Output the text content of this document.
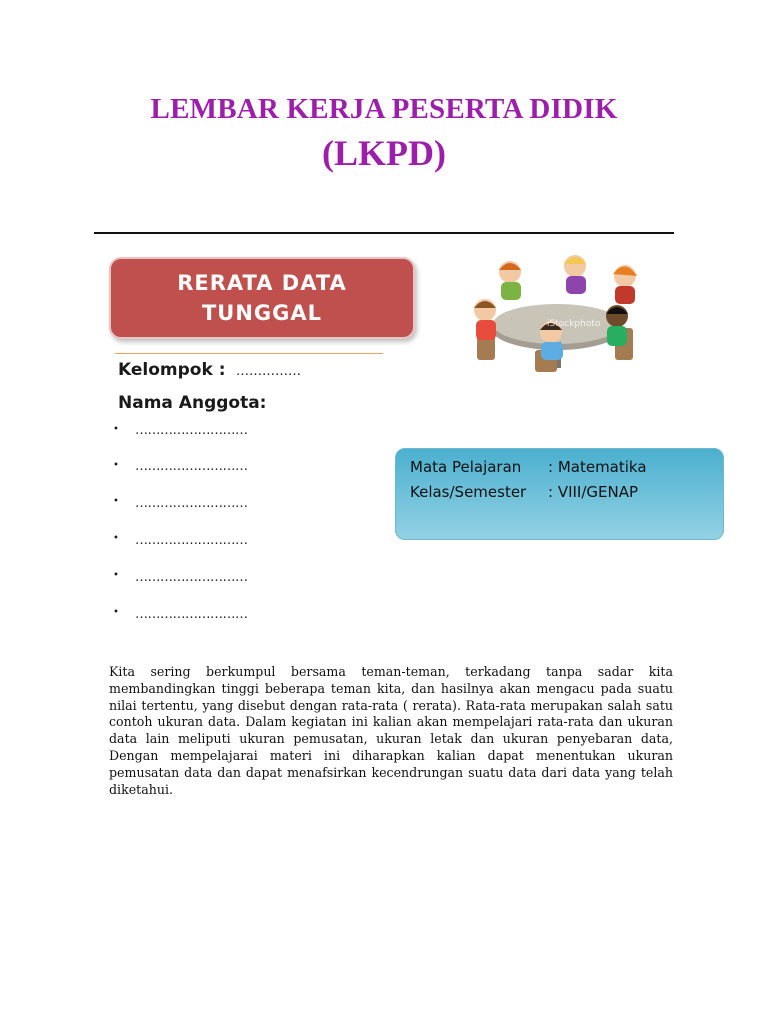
LEMBAR KERJA PESERTA DIDIK
(LKPD)
RERATA DATA
TUNGGAL	iStockphoto
Kelompok : ……………
Nama Anggota:
• ………………………
• ………………………
• ………………………
• ………………………
• ………………………
• ………………………
Mata Pelajaran : Matematika
Kelas/Semester : VIII/GENAP
Kita sering berkumpul bersama teman-teman, terkadang tanpa sadar kita membandingkan tinggi beberapa teman kita, dan hasilnya akan mengacu pada suatu nilai tertentu, yang disebut dengan rata-rata ( rerata). Rata-rata merupakan salah satu contoh ukuran data. Dalam kegiatan ini kalian akan mempelajari rata-rata dan ukuran data lain meliputi ukuran pemusatan, ukuran letak dan ukuran penyebaran data, Dengan mempelajarai materi ini diharapkan kalian dapat menentukan ukuran pemusatan data dan dapat menafsirkan kecendrungan suatu data dari data yang telah diketahui.
